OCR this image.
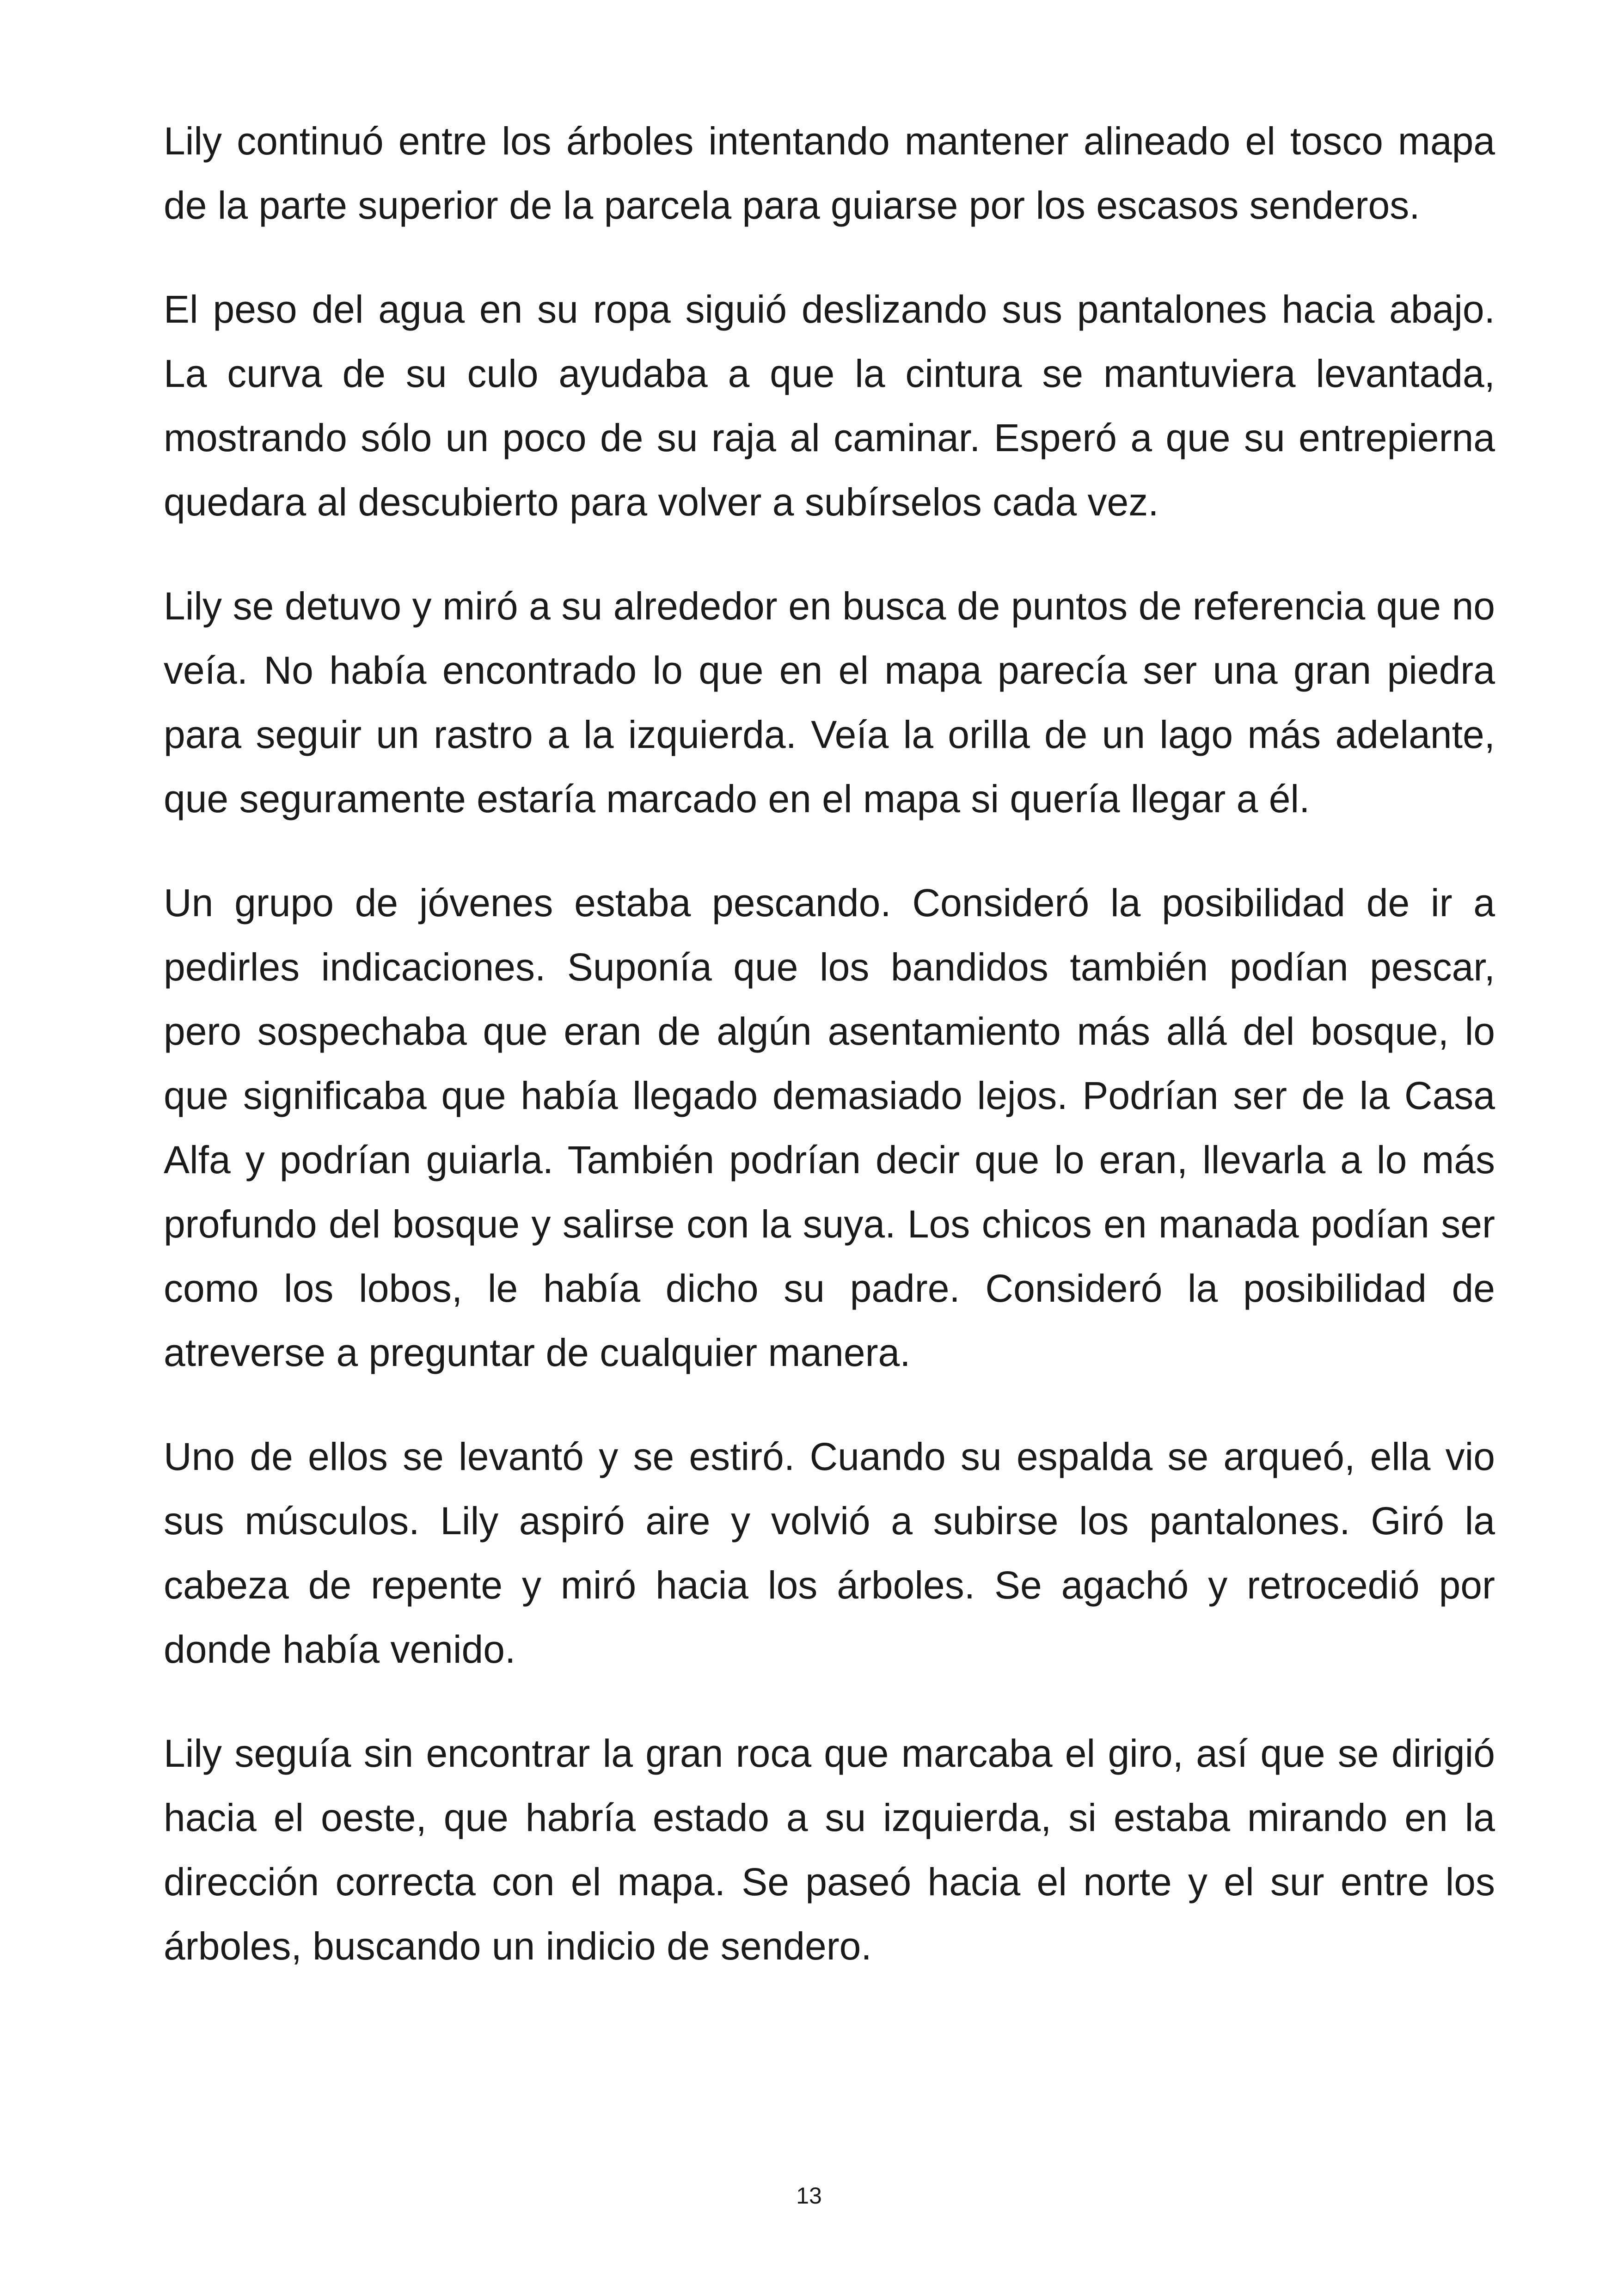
Lily continuó entre los árboles intentando mantener alineado el tosco mapa de la parte superior de la parcela para guiarse por los escasos senderos.

El peso del agua en su ropa siguió deslizando sus pantalones hacia abajo. La curva de su culo ayudaba a que la cintura se mantuviera levantada, mostrando sólo un poco de su raja al caminar. Esperó a que su entrepierna quedara al descubierto para volver a subírselos cada vez.

Lily se detuvo y miró a su alrededor en busca de puntos de referencia que no veía. No había encontrado lo que en el mapa parecía ser una gran piedra para seguir un rastro a la izquierda. Veía la orilla de un lago más adelante, que seguramente estaría marcado en el mapa si quería llegar a él.

Un grupo de jóvenes estaba pescando. Consideró la posibilidad de ir a pedirles indicaciones. Suponía que los bandidos también podían pescar, pero sospechaba que eran de algún asentamiento más allá del bosque, lo que significaba que había llegado demasiado lejos. Podrían ser de la Casa Alfa y podrían guiarla. También podrían decir que lo eran, llevarla a lo más profundo del bosque y salirse con la suya. Los chicos en manada podían ser como los lobos, le había dicho su padre. Consideró la posibilidad de atreverse a preguntar de cualquier manera.

Uno de ellos se levantó y se estiró. Cuando su espalda se arqueó, ella vio sus músculos. Lily aspiró aire y volvió a subirse los pantalones. Giró la cabeza de repente y miró hacia los árboles. Se agachó y retrocedió por donde había venido.

Lily seguía sin encontrar la gran roca que marcaba el giro, así que se dirigió hacia el oeste, que habría estado a su izquierda, si estaba mirando en la dirección correcta con el mapa. Se paseó hacia el norte y el sur entre los árboles, buscando un indicio de sendero.

13
